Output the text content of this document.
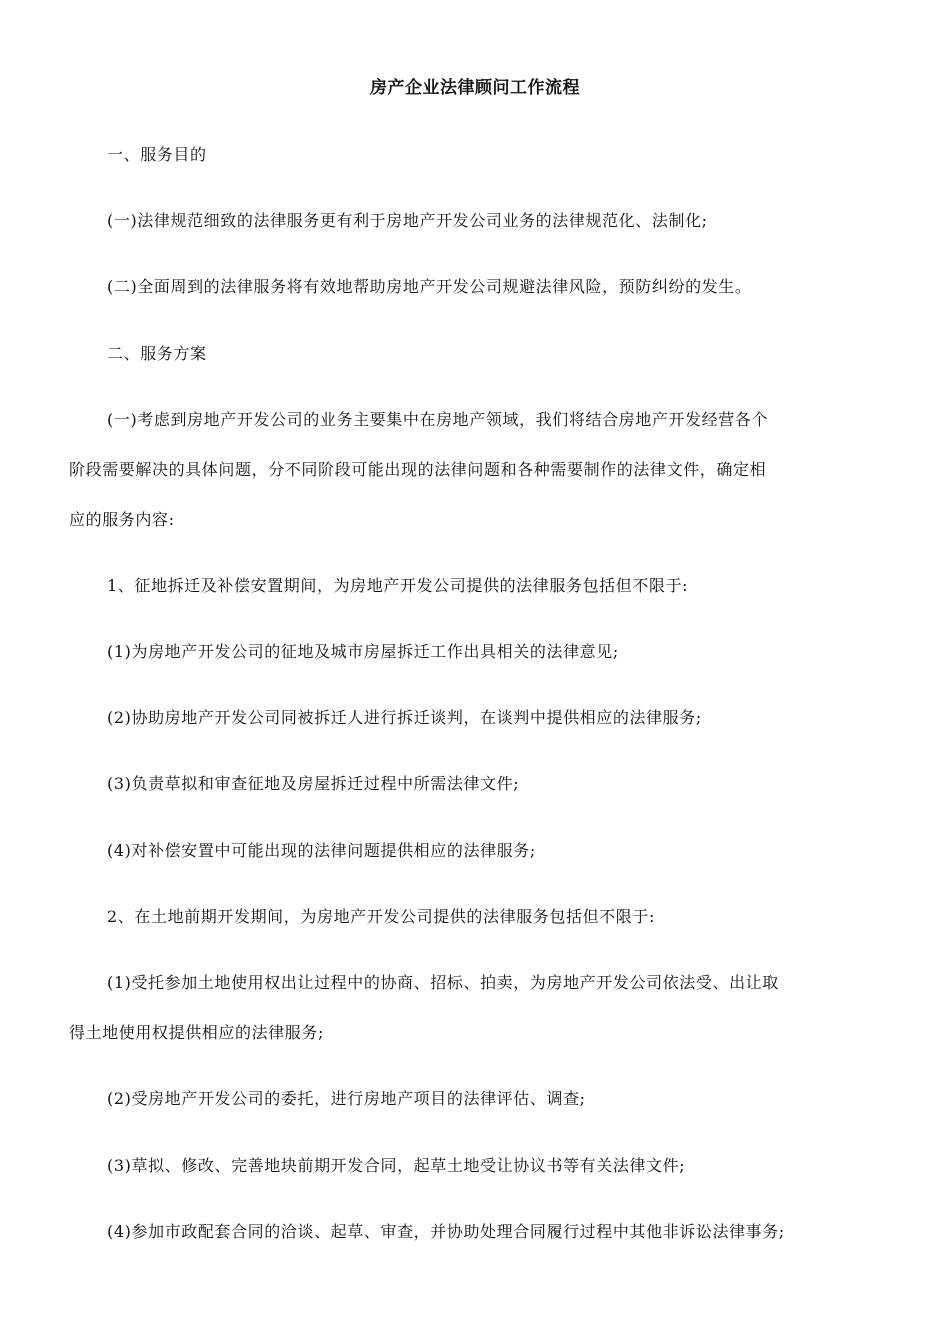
房产企业法律顾问工作流程
一、服务目的
(一)法律规范细致的法律服务更有利于房地产开发公司业务的法律规范化、法制化;
(二)全面周到的法律服务将有效地帮助房地产开发公司规避法律风险，预防纠纷的发生。
二、服务方案
(一)考虑到房地产开发公司的业务主要集中在房地产领域，我们将结合房地产开发经营各个
阶段需要解决的具体问题，分不同阶段可能出现的法律问题和各种需要制作的法律文件，确定相
应的服务内容:
1、征地拆迁及补偿安置期间，为房地产开发公司提供的法律服务包括但不限于:
(1)为房地产开发公司的征地及城市房屋拆迁工作出具相关的法律意见;
(2)协助房地产开发公司同被拆迁人进行拆迁谈判，在谈判中提供相应的法律服务;
(3)负责草拟和审查征地及房屋拆迁过程中所需法律文件;
(4)对补偿安置中可能出现的法律问题提供相应的法律服务;
2、在土地前期开发期间，为房地产开发公司提供的法律服务包括但不限于:
(1)受托参加土地使用权出让过程中的协商、招标、拍卖，为房地产开发公司依法受、出让取
得土地使用权提供相应的法律服务;
(2)受房地产开发公司的委托，进行房地产项目的法律评估、调查;
(3)草拟、修改、完善地块前期开发合同，起草土地受让协议书等有关法律文件;
(4)参加市政配套合同的洽谈、起草、审查，并协助处理合同履行过程中其他非诉讼法律事务;
